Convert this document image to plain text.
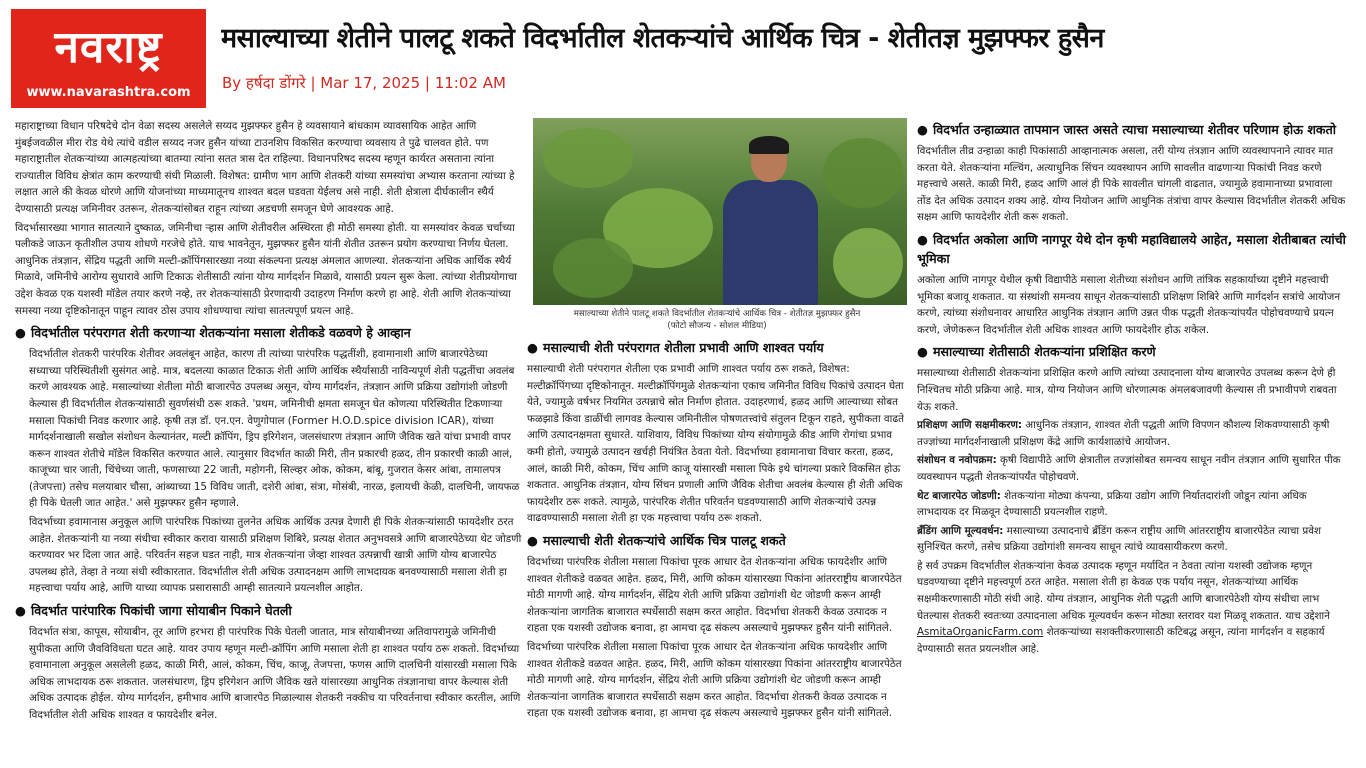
नवराष्ट्र
www.navarashtra.com
मसाल्याच्या शेतीने पालटू शकते विदर्भातील शेतकऱ्यांचे आर्थिक चित्र - शेतीतज्ञ मुझफ्फर हुसैन
By हर्षदा डोंगरे | Mar 17, 2025 | 11:02 AM

महाराष्ट्राच्या विधान परिषदेचे दोन वेळा सदस्य असलेले सय्यद मुझफ्फर हुसैन हे व्यवसायाने बांधकाम व्यावसायिक आहेत आणि मुंबईजवळील मीरा रोड येथे त्यांचे वडील सय्यद नजर हुसैन यांच्या टाउनशिप विकसित करण्याचा व्यवसाय ते पुढे चालवत होते. पण महाराष्ट्रातील शेतकऱ्यांच्या आत्महत्यांच्या बातम्या त्यांना सतत त्रास देत राहिल्या. विधानपरिषद सदस्य म्हणून कार्यरत असताना त्यांना राज्यातील विविध क्षेत्रांत काम करण्याची संधी मिळाली. विशेषत: ग्रामीण भाग आणि शेतकरी यांच्या समस्यांचा अभ्यास करताना त्यांच्या हे लक्षात आले की केवळ धोरणे आणि योजनांच्या माध्यमातूनच शाश्वत बदल घडवता येईलच असे नाही. शेती क्षेत्राला दीर्घकालीन स्थैर्य देण्यासाठी प्रत्यक्ष जमिनीवर उतरून, शेतकऱ्यांसोबत राहून त्यांच्या अडचणी समजून घेणे आवश्यक आहे.

विदर्भासारख्या भागात सातत्याने दुष्काळ, जमिनीचा ऱ्हास आणि शेतीवरील अस्थिरता ही मोठी समस्या होती. या समस्यांवर केवळ चर्चाच्या पलीकडे जाऊन कृतीशील उपाय शोधणे गरजेचे होते. याच भावनेतून, मुझफ्फर हुसैन यांनी शेतीत उतरून प्रयोग करण्याचा निर्णय घेतला. आधुनिक तंत्रज्ञान, सेंद्रिय पद्धती आणि मल्टी-क्रॉपिंगसारख्या नव्या संकल्पना प्रत्यक्ष अंमलात आणल्या. शेतकऱ्यांना अधिक आर्थिक स्थैर्य मिळावे, जमिनीचे आरोग्य सुधारावे आणि टिकाऊ शेतीसाठी त्यांना योग्य मार्गदर्शन मिळावे, यासाठी प्रयत्न सुरू केला. त्यांच्या शेतीप्रयोगाचा उद्देश केवळ एक यशस्वी मॉडेल तयार करणे नव्हे, तर शेतकऱ्यांसाठी प्रेरणादायी उदाहरण निर्माण करणे हा आहे. शेती आणि शेतकऱ्यांच्या समस्या नव्या दृष्टिकोनातून पाहून त्यावर ठोस उपाय शोधण्याचा त्यांचा सातत्यपूर्ण प्रयत्न आहे.

● विदर्भातील परंपरागत शेती करणाऱ्या शेतकऱ्यांना मसाला शेतीकडे वळवणे हे आव्हान

विदर्भातील शेतकरी पारंपरिक शेतीवर अवलंबून आहेत, कारण ती त्यांच्या पारंपरिक पद्धतींशी, हवामानाशी आणि बाजारपेठेच्या सध्याच्या परिस्थितीशी सुसंगत आहे. मात्र, बदलत्या काळात टिकाऊ शेती आणि आर्थिक स्थैर्यासाठी नाविन्यपूर्ण शेती पद्धतींचा अवलंब करणे आवश्यक आहे. मसाल्यांच्या शेतीला मोठी बाजारपेठ उपलब्ध असून, योग्य मार्गदर्शन, तंत्रज्ञान आणि प्रक्रिया उद्योगांशी जोडणी केल्यास ही विदर्भातील शेतकऱ्यांसाठी सुवर्णसंधी ठरू शकते. 'प्रथम, जमिनीची क्षमता समजून घेत कोणत्या परिस्थितीत टिकणाऱ्या मसाला पिकांची निवड करणार आहे. कृषी तज्ञ डॉ. एन.एन. वेणुगोपाल (Former H.O.D.spice division ICAR), यांच्या मार्गदर्शनाखाली सखोल संशोधन केल्यानंतर, मल्टी क्रॉपिंग, ड्रिप इरिगेशन, जलसंधारण तंत्रज्ञान आणि जैविक खते यांचा प्रभावी वापर करून शाश्वत शेतीचे मॉडेल विकसित करण्यात आले. त्यानुसार विदर्भात काळी मिरी, तीन प्रकारची हळद, तीन प्रकारची काळी आलं, काजूच्या चार जाती, चिंचेच्या जाती, फणसाच्या 22 जाती, महोगनी, सिल्व्हर ओक, कोकम, बांबू, गुजरात केसर आंबा, तामालपत्र (तेजपत्ता) तसेच मलयाबार चौसा, आंब्याच्या 15 विविध जाती, दशेरी आंबा, संत्रा, मोसंबी, नारळ, इलायची केळी, दालचिनी, जायफळ ही पिके घेतली जात आहेत.' असे मुझफ्फर हुसैन म्हणाले.

विदर्भाच्या हवामानास अनुकूल आणि पारंपरिक पिकांच्या तुलनेत अधिक आर्थिक उत्पन्न देणारी ही पिके शेतकऱ्यांसाठी फायदेशीर ठरत आहेत. शेतकऱ्यांनी या नव्या संधीचा स्वीकार करावा यासाठी प्रशिक्षण शिबिरे, प्रत्यक्ष शेतात अनुभवसत्रे आणि बाजारपेठेच्या थेट जोडणी करण्यावर भर दिला जात आहे. परिवर्तन सहज घडत नाही, मात्र शेतकऱ्यांना जेव्हा शाश्वत उत्पन्नाची खात्री आणि योग्य बाजारपेठ उपलब्ध होते, तेव्हा ते नव्या संधी स्वीकारतात. विदर्भातील शेती अधिक उत्पादनक्षम आणि लाभदायक बनवण्यासाठी मसाला शेती हा महत्त्वाचा पर्याय आहे, आणि याच्या व्यापक प्रसारासाठी आम्ही सातत्याने प्रयत्नशील आहोत.

● विदर्भात पारंपारिक पिकांची जागा सोयाबीन पिकाने घेतली

विदर्भात संत्रा, कापूस, सोयाबीन, तूर आणि हरभरा ही पारंपरिक पिके घेतली जातात, मात्र सोयाबीनच्या अतिवापरामुळे जमिनीची सुपीकता आणि जैवविविधता घटत आहे. यावर उपाय म्हणून मल्टी-क्रॉपिंग आणि मसाला शेती हा शाश्वत पर्याय ठरू शकतो. विदर्भाच्या हवामानाला अनुकूल असलेली हळद, काळी मिरी, आलं, कोकम, चिंच, काजू, तेजपत्ता, फणस आणि दालचिनी यांसारखी मसाला पिके अधिक लाभदायक ठरू शकतात. जलसंधारण, ड्रिप इरिगेशन आणि जैविक खते यांसारख्या आधुनिक तंत्रज्ञानाचा वापर केल्यास शेती अधिक उत्पादक होईल. योग्य मार्गदर्शन, हमीभाव आणि बाजारपेठ मिळाल्यास शेतकरी नक्कीच या परिवर्तनाचा स्वीकार करतील, आणि विदर्भातील शेती अधिक शाश्वत व फायदेशीर बनेल.

मसाल्याच्या शेतीने पालटू शकते विदर्भातील शेतकऱ्यांचे आर्थिक चित्र - शेतीतज्ञ मुझफ्फर हुसैन
(फोटो सौजन्य - सोशल मीडिया)
● मसाल्याची शेती परंपरागत शेतीला प्रभावी आणि शाश्वत पर्याय

मसाल्याची शेती परंपरागत शेतीला एक प्रभावी आणि शाश्वत पर्याय ठरू शकते, विशेषत: मल्टीक्रॉपिंगच्या दृष्टिकोनातून. मल्टीक्रॉपिंगमुळे शेतकऱ्यांना एकाच जमिनीत विविध पिकांचे उत्पादन घेता येते, ज्यामुळे वर्षभर नियमित उत्पन्नाचे स्रोत निर्माण होतात. उदाहरणार्थ, हळद आणि आल्याच्या सोबत फळझाडे किंवा डाळींची लागवड केल्यास जमिनीतील पोषणतत्त्वांचे संतुलन टिकून राहते, सुपीकता वाढते आणि उत्पादनक्षमता सुधारते. याशिवाय, विविध पिकांच्या योग्य संयोगामुळे कीड आणि रोगांचा प्रभाव कमी होतो, ज्यामुळे उत्पादन खर्चही नियंत्रित ठेवता येतो. विदर्भाच्या हवामानाचा विचार करता, हळद, आलं, काळी मिरी, कोकम, चिंच आणि काजू यांसारखी मसाला पिके इथे चांगल्या प्रकारे विकसित होऊ शकतात. आधुनिक तंत्रज्ञान, योग्य सिंचन प्रणाली आणि जैविक शेतीचा अवलंब केल्यास ही शेती अधिक फायदेशीर ठरू शकते. त्यामुळे, पारंपरिक शेतीत परिवर्तन घडवण्यासाठी आणि शेतकऱ्यांचे उत्पन्न वाढवण्यासाठी मसाला शेती हा एक महत्त्वाचा पर्याय ठरू शकतो.

● मसाल्याची शेती शेतकऱ्यांचे आर्थिक चित्र पालटू शकते

विदर्भाच्या पारंपरिक शेतीला मसाला पिकांचा पूरक आधार देत शेतकऱ्यांना अधिक फायदेशीर आणि शाश्वत शेतीकडे वळवत आहेत. हळद, मिरी, आणि कोकम यांसारख्या पिकांना आंतरराष्ट्रीय बाजारपेठेत मोठी मागणी आहे. योग्य मार्गदर्शन, सेंद्रिय शेती आणि प्रक्रिया उद्योगांशी थेट जोडणी करून आम्ही शेतकऱ्यांना जागतिक बाजारात स्पर्धेसाठी सक्षम करत आहोत. विदर्भाचा शेतकरी केवळ उत्पादक न राहता एक यशस्वी उद्योजक बनावा, हा आमचा दृढ संकल्प असल्याचे मुझफ्फर हुसैन यांनी सांगितले.

विदर्भाच्या पारंपरिक शेतीला मसाला पिकांचा पूरक आधार देत शेतकऱ्यांना अधिक फायदेशीर आणि शाश्वत शेतीकडे वळवत आहेत. हळद, मिरी, आणि कोकम यांसारख्या पिकांना आंतरराष्ट्रीय बाजारपेठेत मोठी मागणी आहे. योग्य मार्गदर्शन, सेंद्रिय शेती आणि प्रक्रिया उद्योगांशी थेट जोडणी करून आम्ही शेतकऱ्यांना जागतिक बाजारात स्पर्धेसाठी सक्षम करत आहोत. विदर्भाचा शेतकरी केवळ उत्पादक न राहता एक यशस्वी उद्योजक बनावा, हा आमचा दृढ संकल्प असल्याचे मुझफ्फर हुसैन यांनी सांगितले.

● विदर्भात उन्हाळ्यात तापमान जास्त असते त्याचा मसाल्याच्या शेतीवर परिणाम होऊ शकतो

विदर्भातील तीव्र उन्हाळा काही पिकांसाठी आव्हानात्मक असला, तरी योग्य तंत्रज्ञान आणि व्यवस्थापनाने त्यावर मात करता येते. शेतकऱ्यांना मल्चिंग, अत्याधुनिक सिंचन व्यवस्थापन आणि सावलीत वाढणाऱ्या पिकांची निवड करणे महत्त्वाचे असते. काळी मिरी, हळद आणि आलं ही पिके सावलीत चांगली वाढतात, ज्यामुळे हवामानाच्या प्रभावाला तोंड देत अधिक उत्पादन शक्य आहे. योग्य नियोजन आणि आधुनिक तंत्रांचा वापर केल्यास विदर्भातील शेतकरी अधिक सक्षम आणि फायदेशीर शेती करू शकतो.

● विदर्भात अकोला आणि नागपूर येथे दोन कृषी महाविद्यालये आहेत, मसाला शेतीबाबत त्यांची भूमिका

अकोला आणि नागपूर येथील कृषी विद्यापीठे मसाला शेतीच्या संशोधन आणि तांत्रिक सहकार्याच्या दृष्टीने महत्त्वाची भूमिका बजावू शकतात. या संस्थांशी समन्वय साधून शेतकऱ्यांसाठी प्रशिक्षण शिबिरे आणि मार्गदर्शन सत्रांचे आयोजन करणे, त्यांच्या संशोधनावर आधारित आधुनिक तंत्रज्ञान आणि उन्नत पीक पद्धती शेतकऱ्यांपर्यंत पोहोचवण्याचे प्रयत्न करणे, जेणेकरून विदर्भातील शेती अधिक शाश्वत आणि फायदेशीर होऊ शकेल.

● मसाल्याच्या शेतीसाठी शेतकऱ्यांना प्रशिक्षित करणे

मसाल्याच्या शेतीसाठी शेतकऱ्यांना प्रशिक्षित करणे आणि त्यांच्या उत्पादनाला योग्य बाजारपेठ उपलब्ध करून देणे ही निश्चितच मोठी प्रक्रिया आहे. मात्र, योग्य नियोजन आणि धोरणात्मक अंमलबजावणी केल्यास ती प्रभावीपणे राबवता येऊ शकते.

प्रशिक्षण आणि सक्षमीकरण: आधुनिक तंत्रज्ञान, शाश्वत शेती पद्धती आणि विपणन कौशल्य शिकवण्यासाठी कृषी तज्ज्ञांच्या मार्गदर्शनाखाली प्रशिक्षण केंद्रे आणि कार्यशाळांचे आयोजन.

संशोधन व नवोपक्रम: कृषी विद्यापीठे आणि क्षेत्रातील तज्ज्ञांसोबत समन्वय साधून नवीन तंत्रज्ञान आणि सुधारित पीक व्यवस्थापन पद्धती शेतकऱ्यांपर्यंत पोहोचवणे.

थेट बाजारपेठ जोडणी: शेतकऱ्यांना मोठ्या कंपन्या, प्रक्रिया उद्योग आणि निर्यातदारांशी जोडून त्यांना अधिक लाभदायक दर मिळवून देण्यासाठी प्रयत्नशील राहणे.

ब्रँडिंग आणि मूल्यवर्धन: मसाल्याच्या उत्पादनाचे ब्रँडिंग करून राष्ट्रीय आणि आंतरराष्ट्रीय बाजारपेठेत त्याचा प्रवेश सुनिश्चित करणे, तसेच प्रक्रिया उद्योगांशी समन्वय साधून त्यांचे व्यावसायीकरण करणे.

हे सर्व उपक्रम विदर्भातील शेतकऱ्यांना केवळ उत्पादक म्हणून मर्यादित न ठेवता त्यांना यशस्वी उद्योजक म्हणून घडवण्याच्या दृष्टीने महत्त्वपूर्ण ठरत आहेत. मसाला शेती हा केवळ एक पर्याय नसून, शेतकऱ्यांच्या आर्थिक सक्षमीकरणासाठी मोठी संधी आहे. योग्य तंत्रज्ञान, आधुनिक शेती पद्धती आणि बाजारपेठेशी योग्य संधीचा लाभ घेतल्यास शेतकरी स्वतःच्या उत्पादनाला अधिक मूल्यवर्धन करून मोठ्या स्तरावर यश मिळवू शकतात. याच उद्देशाने AsmitaOrganicFarm.com शेतकऱ्यांच्या सशक्तीकरणासाठी कटिबद्ध असून, त्यांना मार्गदर्शन व सहकार्य देण्यासाठी सतत प्रयत्नशील आहे.
